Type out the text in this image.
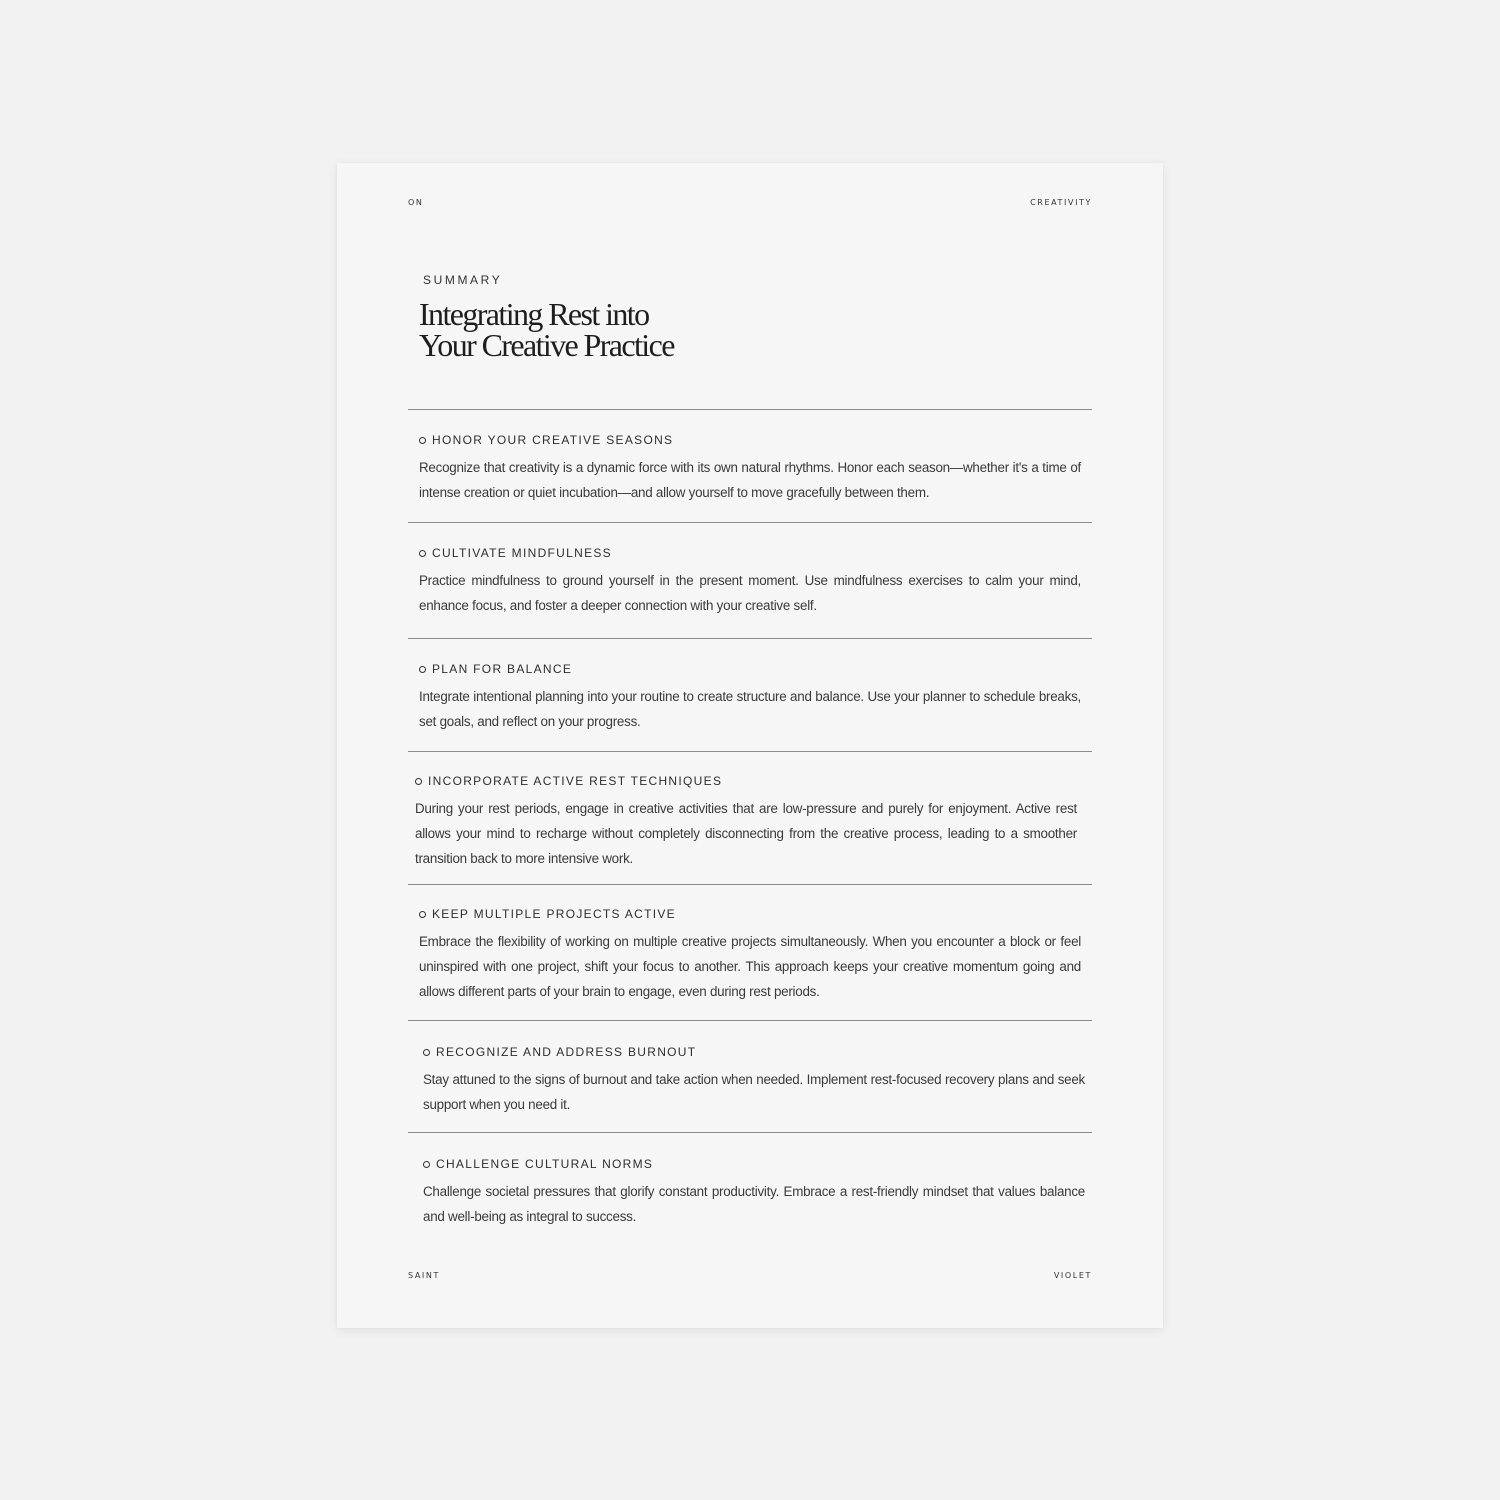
ON	CREATIVITY
SUMMARY
Integrating Rest into
Your Creative Practice
HONOR YOUR CREATIVE SEASONS

Recognize that creativity is a dynamic force with its own natural rhythms. Honor each season—whether it's a time of intense creation or quiet incubation—and allow yourself to move gracefully between them.

CULTIVATE MINDFULNESS

Practice mindfulness to ground yourself in the present moment. Use mindfulness exercises to calm your mind, enhance focus, and foster a deeper connection with your creative self.

PLAN FOR BALANCE

Integrate intentional planning into your routine to create structure and balance. Use your planner to schedule breaks, set goals, and reflect on your progress.

INCORPORATE ACTIVE REST TECHNIQUES

During your rest periods, engage in creative activities that are low-pressure and purely for enjoyment. Active rest allows your mind to recharge without completely disconnecting from the creative process, leading to a smoother transition back to more intensive work.

KEEP MULTIPLE PROJECTS ACTIVE

Embrace the flexibility of working on multiple creative projects simultaneously. When you encounter a block or feel uninspired with one project, shift your focus to another. This approach keeps your creative momentum going and allows different parts of your brain to engage, even during rest periods.

RECOGNIZE AND ADDRESS BURNOUT

Stay attuned to the signs of burnout and take action when needed. Implement rest-focused recovery plans and seek support when you need it.

CHALLENGE CULTURAL NORMS

Challenge societal pressures that glorify constant productivity. Embrace a rest-friendly mindset that values balance and well-being as integral to success.

SAINT	VIOLET
